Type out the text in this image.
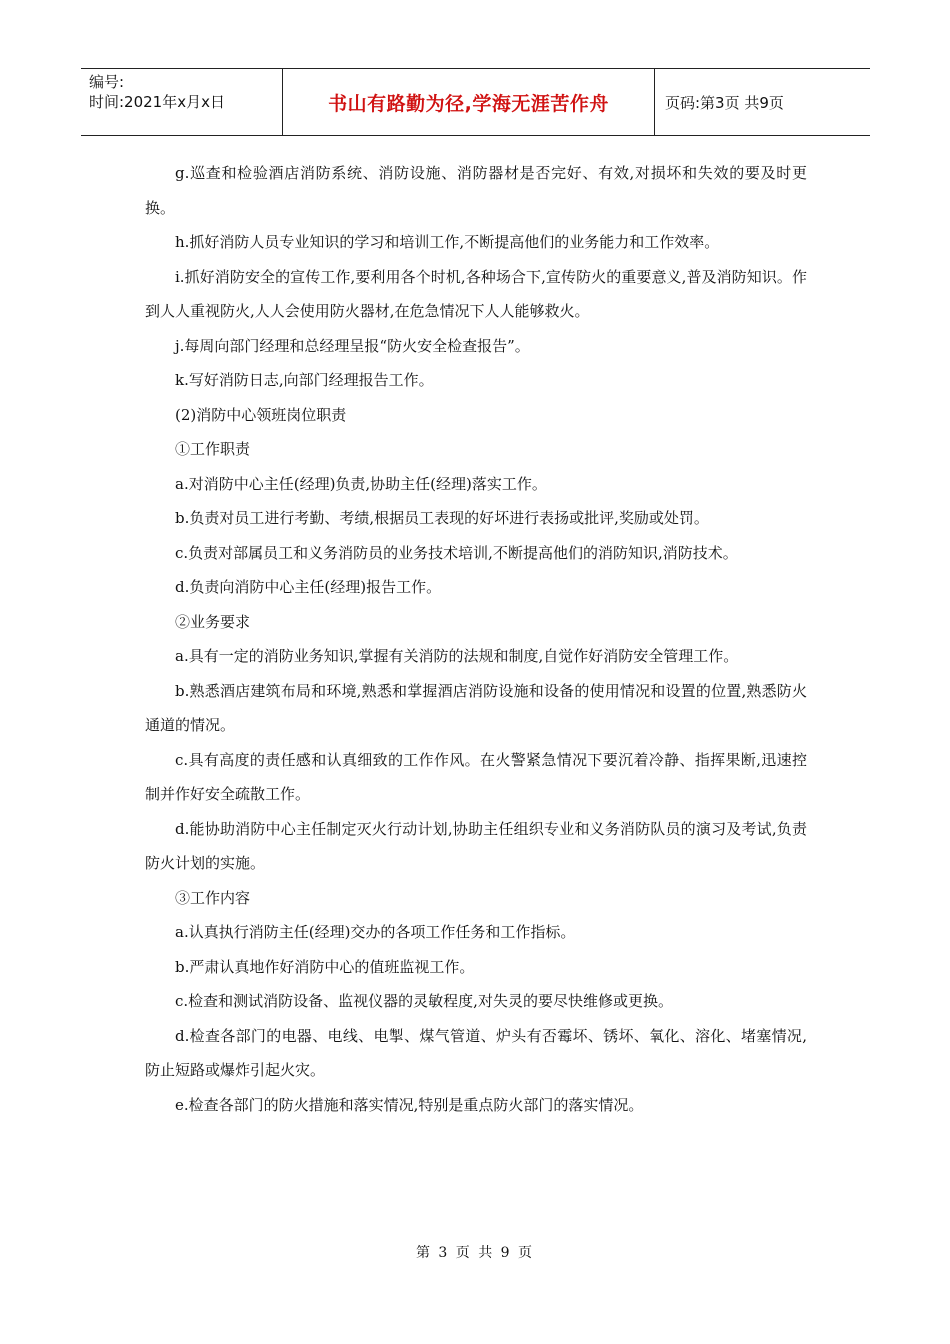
编号:
时间:2021年x月x日	书山有路勤为径,学海无涯苦作舟	页码:第3页 共9页

g.巡查和检验酒店消防系统、消防设施、消防器材是否完好、有效,对损坏和失效的要及时更换。

h.抓好消防人员专业知识的学习和培训工作,不断提高他们的业务能力和工作效率。

i.抓好消防安全的宣传工作,要利用各个时机,各种场合下,宣传防火的重要意义,普及消防知识。作到人人重视防火,人人会使用防火器材,在危急情况下人人能够救火。

j.每周向部门经理和总经理呈报“防火安全检查报告”。

k.写好消防日志,向部门经理报告工作。

(2)消防中心领班岗位职责

①工作职责

a.对消防中心主任(经理)负责,协助主任(经理)落实工作。

b.负责对员工进行考勤、考绩,根据员工表现的好坏进行表扬或批评,奖励或处罚。

c.负责对部属员工和义务消防员的业务技术培训,不断提高他们的消防知识,消防技术。

d.负责向消防中心主任(经理)报告工作。

②业务要求

a.具有一定的消防业务知识,掌握有关消防的法规和制度,自觉作好消防安全管理工作。

b.熟悉酒店建筑布局和环境,熟悉和掌握酒店消防设施和设备的使用情况和设置的位置,熟悉防火通道的情况。

c.具有高度的责任感和认真细致的工作作风。在火警紧急情况下要沉着冷静、指挥果断,迅速控制并作好安全疏散工作。

d.能协助消防中心主任制定灭火行动计划,协助主任组织专业和义务消防队员的演习及考试,负责防火计划的实施。

③工作内容

a.认真执行消防主任(经理)交办的各项工作任务和工作指标。

b.严肃认真地作好消防中心的值班监视工作。

c.检查和测试消防设备、监视仪器的灵敏程度,对失灵的要尽快维修或更换。

d.检查各部门的电器、电线、电掣、煤气管道、炉头有否霉坏、锈坏、氧化、溶化、堵塞情况,防止短路或爆炸引起火灾。

e.检查各部门的防火措施和落实情况,特别是重点防火部门的落实情况。

第 3 页 共 9 页
